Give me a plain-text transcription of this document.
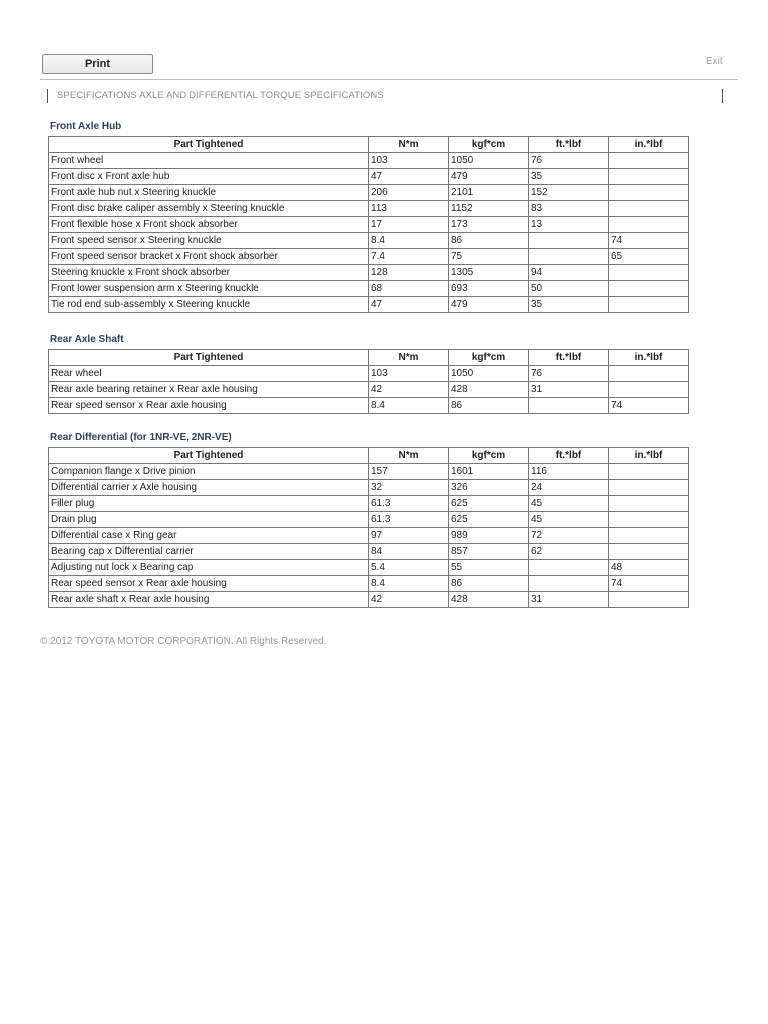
Print	Exit
SPECIFICATIONS AXLE AND DIFFERENTIAL TORQUE SPECIFICATIONS
Front Axle Hub
Part Tightened	N*m	kgf*cm	ft.*lbf	in.*lbf
Front wheel	103	1050	76	
Front disc x Front axle hub	47	479	35	
Front axle hub nut x Steering knuckle	206	2101	152	
Front disc brake caliper assembly x Steering knuckle	113	1152	83	
Front flexible hose x Front shock absorber	17	173	13	
Front speed sensor x Steering knuckle	8.4	86		74
Front speed sensor bracket x Front shock absorber	7.4	75		65
Steering knuckle x Front shock absorber	128	1305	94	
Front lower suspension arm x Steering knuckle	68	693	50	
Tie rod end sub-assembly x Steering knuckle	47	479	35	
Rear Axle Shaft
Part Tightened	N*m	kgf*cm	ft.*lbf	in.*lbf
Rear wheel	103	1050	76	
Rear axle bearing retainer x Rear axle housing	42	428	31	
Rear speed sensor x Rear axle housing	8.4	86		74
Rear Differential (for 1NR-VE, 2NR-VE)
Part Tightened	N*m	kgf*cm	ft.*lbf	in.*lbf
Companion flange x Drive pinion	157	1601	116	
Differential carrier x Axle housing	32	326	24	
Filler plug	61.3	625	45	
Drain plug	61.3	625	45	
Differential case x Ring gear	97	989	72	
Bearing cap x Differential carrier	84	857	62	
Adjusting nut lock x Bearing cap	5.4	55		48
Rear speed sensor x Rear axle housing	8.4	86		74
Rear axle shaft x Rear axle housing	42	428	31	
© 2012 TOYOTA MOTOR CORPORATION. All Rights Reserved.
